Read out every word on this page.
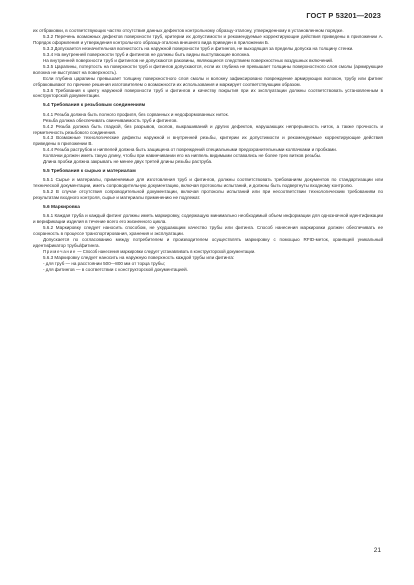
ГОСТ Р 53201—2023

их отбраковки, в соответствующих частях отсутствия данных дефектов контрольному образцу-эталону, утвержденному в установленном порядке.

5.3.2 Перечень возможных дефектов поверхности труб, критерии их допустимости и рекомендуемые корректирующие действия приведены в приложении А. Порядок оформления и утверждения контрольного образца-эталона внешнего вида приведен в приложении Б.

5.3.3 Допускается незначительная волнистость на наружной поверхности труб и фитингов, не выходящая за пределы допуска на толщину стенки.

5.3.4 На внутренней поверхности труб и фитингов не должны быть видны выступающие волокна.

На внутренней поверхности труб и фитингов не допускаются раковины, являющиеся следствием поверхностных воздушных включений.

5.3.5 Царапины, потертость на поверхности труб и фитингов допускаются, если их глубина не превышает толщины поверхностного слоя смолы (армирующие волокна не выступают на поверхность).

Если глубина царапины превышает толщину поверхностного слоя смолы и волокну зафиксировано повреждение армирующих волокон, трубу или фитинг отбраковывают по причине решения изготовителем о возможности их использования и маркирует соответствующим образом.

5.3.6 Требования к цвету наружной поверхности труб и фитингов и качеству покрытия при их эксплуатации должны соответствовать установленным в конструкторской документации.

5.4 Требования к резьбовым соединениям

5.4.1 Резьба должна быть полного профиля, без сорванных и недоформованных ниток.

Резьба должна обеспечивать свинчиваемость труб и фитингов.

5.4.2 Резьба должна быть гладкой, без разрывов, сколов, выкрашиваний и других дефектов, нарушающих непрерывность ниток, а также прочность и герметичность резьбового соединения.

5.4.3 Возможные технологические дефекты наружной и внутренней резьбы, критерии их допустимости и рекомендуемые корректирующие действия приведены в приложении В.

5.4.4 Резьба раструбов и ниппелей должна быть защищена от повреждений специальными предохранительными колпачками и пробками.

Колпачки должен иметь такую длину, чтобы при навинчивании его на ниппель видимыми оставались не более трех витков резьбы.

Длина пробки должна закрывать не менее двух третей длины резьбы раструба.

5.5 Требования к сырью и материалам

5.5.1 Сырье и материалы, применяемые для изготовления труб и фитингов, должны соответствовать требованиям документов по стандартизации или технической документации, иметь сопроводительную документацию, включая протоколы испытаний, и должны быть подвергнуты входному контролю.

5.5.2 В случае отсутствия сопроводительной документации, включая протоколы испытаний или при несоответствии технологическим требованиям по результатам входного контроля, сырье и материалы применению не подлежат.

5.6 Маркировка

5.6.1 Каждая труба и каждый фитинг должны иметь маркировку, содержащую минимально необходимый объем информации для однозначной идентификации и верификации изделия в течение всего его жизненного цикла.

5.6.2 Маркировку следует наносить способом, не ухудшающим качество трубы или фитинга. Способ нанесения маркировки должен обеспечивать ее сохранность в процессе транспортирования, хранения и эксплуатации.

Допускается по согласованию между потребителем и производителем осуществлять маркировку с помощью RFID-меток, хранящей уникальный идентификатор трубы/фитинга.

Примечание — Способ нанесения маркировки следует устанавливать в конструкторской документации.

5.6.3 Маркировку следует наносить на наружную поверхность каждой трубы или фитинга:

- для труб — на расстоянии 500—800 мм от торца трубы;

- для фитингов — в соответствии с конструкторской документацией.

21
